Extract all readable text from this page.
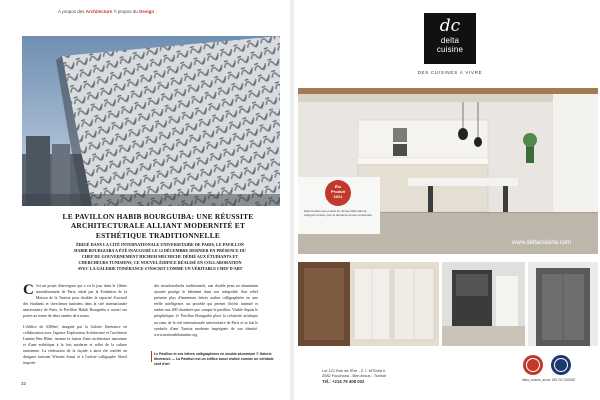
À propos des Architecture À propos du Design
LE PAVILLON HABIB BOURGUIBA: UNE RÉUSSITE ARCHITECTURALE ALLIANT MODERNITÉ ET ESTHÉTIQUE TRADITIONNELLE
ÉRIGÉ DANS LA CITÉ INTERNATIONALE UNIVERSITAIRE DE PARIS, LE PAVILLON HABIB BOURGUIBA A ÉTÉ INAUGURÉ LE 12 DÉCEMBRE DERNIER EN PRÉSENCE DU CHEF DU GOUVERNEMENT HICHEM MECHICHI. DÉDIÉ AUX ÉTUDIANTS ET CHERCHEURS TUNISIENS, CE NOUVEL ÉDIFICE RÉALISÉ EN COLLABORATION AVEC LA GALERIE ITINÉRANCE S'INSCRIT COMME UN VÉRITABLE CHEF D'ART
C 'est un projet d'envergure qui a vu le jour dans le 14ème arrondissement de Paris, initié par la Fondation de la Maison de la Tunisie pour doubler la capacité d'accueil des étudiants et chercheurs tunisiens dans la cité internationale universitaire de Paris, le Pavillon Habib Bourguiba a ouvert ses portes au terme de deux années de travaux.
L'édifice de 6300m², imaginé par la Galerie Itinérance en collaboration avec l'agence Exploration Architecture et l'architecte Lamine Ben Hibet, incarne la fusion d'une architecture innovante et d'une esthétique à la fois moderne et reflet de la culture tunisienne. La réalisation de la façade a ainsi été confiée au designer tunisien Wissem Sonai et à l'artiste calligraphe Shoof inspirée
des moucharabiehs traditionnels, une double peau en aluminium ajourée protège le bâtiment dans son intégralité. Son relief présente plus d'immenses lettres arabes calligraphiées en une réelle intelligence, un procédé qui permet d'offrir intimité et ombre aux 200 chambres que compte le pavillon. Visible depuis le périphérique, le Pavillon Bourguiba place la créativité artistique au cœur de la cité internationale universitaire de Paris et se fait le symbole d'une Tunisie moderne imprégnée de son identité. www.maisondelatunisie.org
Le Pavillon et ses lettres calligraphiées en double aluminium © Galerie Itinérance — La Pavillon est un édifice aussi réalisé comme un véritable chef d'art
32
dc
delta
cuisine
DES CUISINES À VIVRE
Élu
Produit
2021
Delta Cuisine élue produit de l'année 2021 dans la catégorie cuisine, pour la deuxième année consécutive
www.deltacuisine.com
Lot 121 Rue de l'Ère - Z. I. M'Ghira II
2082 Fouchana - Ben Arous - Tunisie
Tél.: +216 79 408 002	delta_cuisine_arous DELTA CUISINE
